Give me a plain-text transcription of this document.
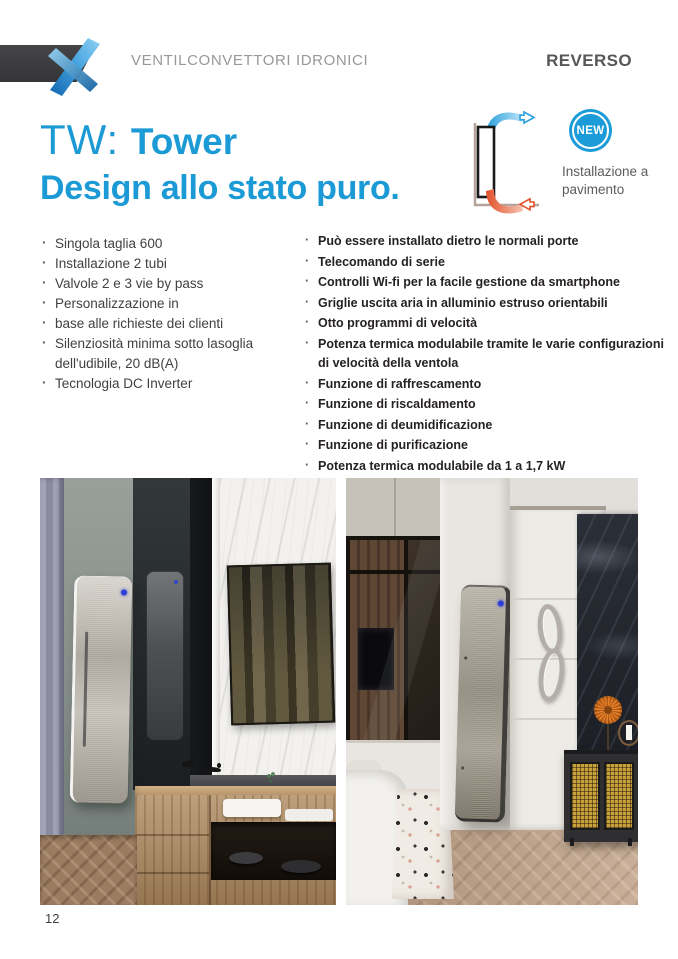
VENTILCONVETTORI IDRONICI	REVERSO
TW: Tower
Design allo stato puro.
NEW
Installazione a pavimento
· Singola taglia 600
· Installazione 2 tubi
· Valvole 2 e 3 vie by pass
· Personalizzazione in
· base alle richieste dei clienti
· Silenziosità minima sotto lasoglia dell'udibile, 20 dB(A)
· Tecnologia DC Inverter
· Può essere installato dietro le normali porte
· Telecomando di serie
· Controlli Wi-fi per la facile gestione da smartphone
· Griglie uscita aria in alluminio estruso orientabili
· Otto programmi di velocità
· Potenza termica modulabile tramite le varie configurazioni di velocità della ventola
· Funzione di raffrescamento
· Funzione di riscaldamento
· Funzione di deumidificazione
· Funzione di purificazione
· Potenza termica modulabile da 1 a 1,7 kW
12
